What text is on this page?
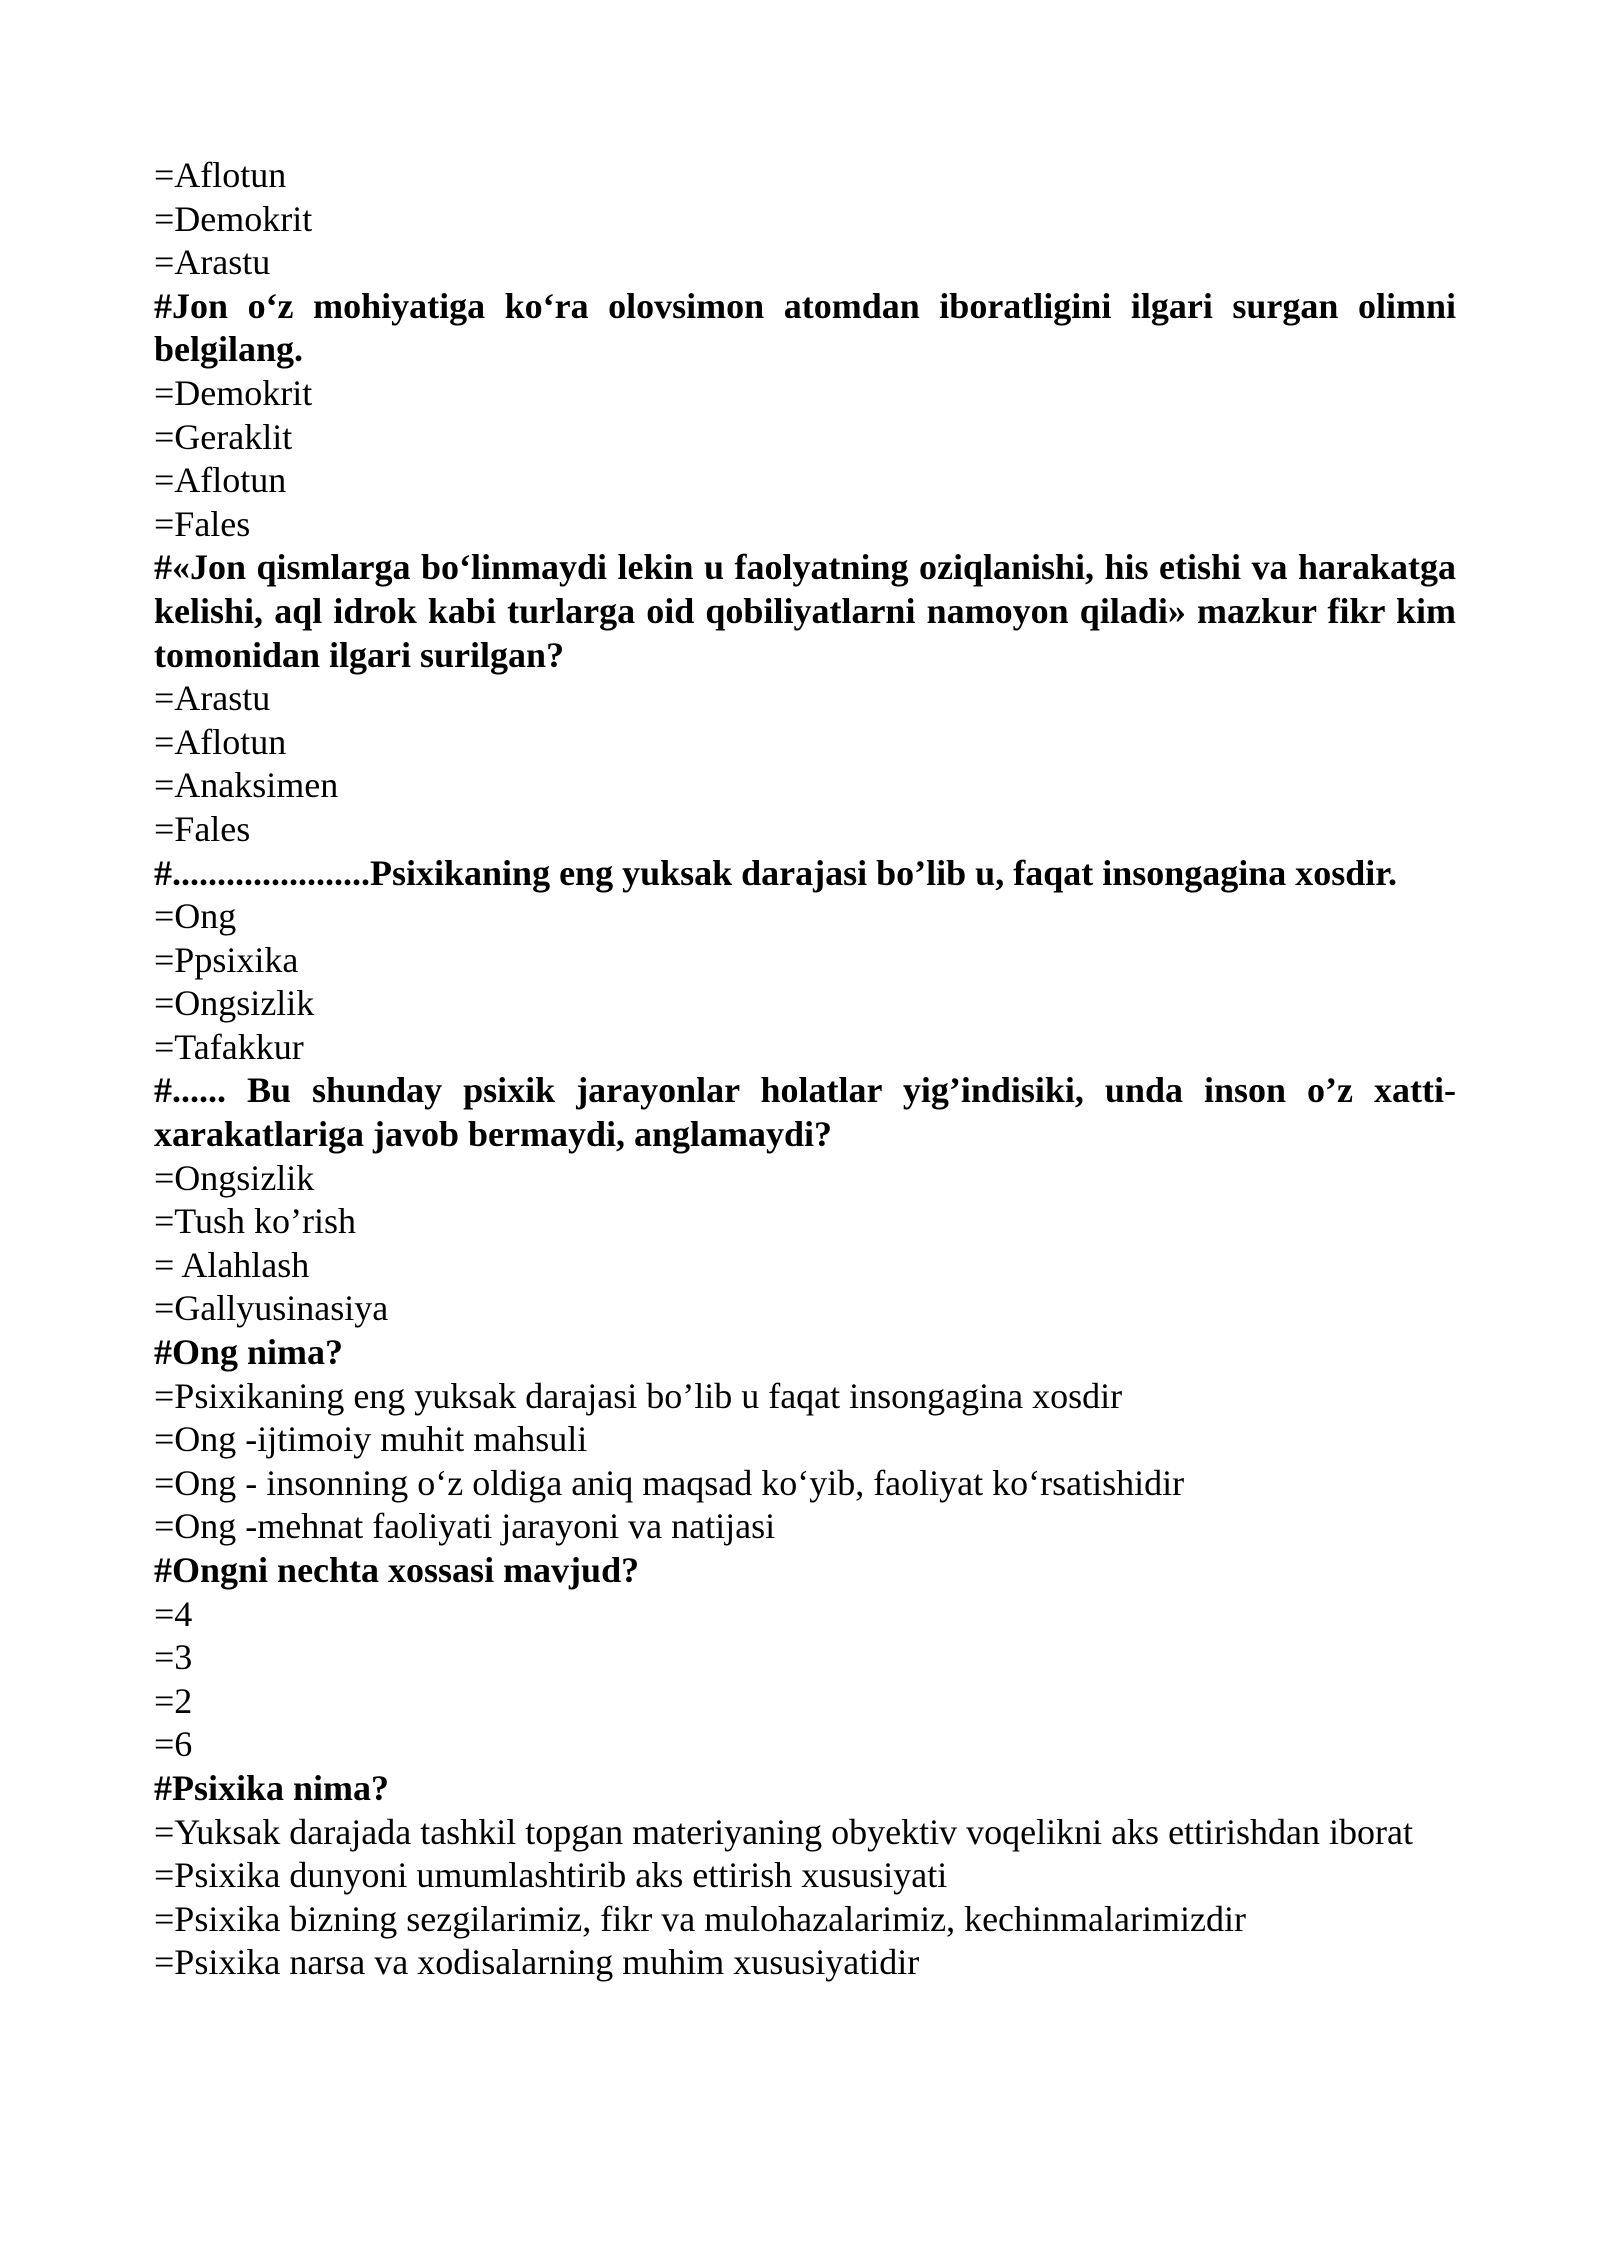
=Aflotun
=Demokrit
=Arastu
#Jon o‘z mohiyatiga ko‘ra olovsimon atomdan iboratligini ilgari surgan olimni belgilang.
=Demokrit
=Geraklit
=Aflotun
=Fales
#«Jon qismlarga bo‘linmaydi lekin u faolyatning oziqlanishi, his etishi va harakatga kelishi, aql idrok kabi turlarga oid qobiliyatlarni namoyon qiladi» mazkur fikr kim tomonidan ilgari surilgan?
=Arastu
=Aflotun
=Anaksimen
=Fales
#......................Psixikaning eng yuksak darajasi bo’lib u, faqat insongagina xosdir.
=Ong
=Ppsixika
=Ongsizlik
=Tafakkur
#...... Bu shunday psixik jarayonlar holatlar yig’indisiki, unda inson o’z xatti-xarakatlariga javob bermaydi, anglamaydi?
=Ongsizlik
=Tush ko’rish
= Alahlash
=Gallyusinasiya
#Ong nima?
=Psixikaning eng yuksak darajasi bo’lib u faqat insongagina xosdir
=Ong -ijtimoiy muhit mahsuli
=Ong - insonning o‘z oldiga aniq maqsad ko‘yib, faoliyat ko‘rsatishidir
=Ong -mehnat faoliyati jarayoni va natijasi
#Ongni nechta xossasi mavjud?
=4
=3
=2
=6
#Psixika nima?
=Yuksak darajada tashkil topgan materiyaning obyektiv voqelikni aks ettirishdan iborat
=Psixika dunyoni umumlashtirib aks ettirish xususiyati
=Psixika bizning sezgilarimiz, fikr va mulohazalarimiz, kechinmalarimizdir
=Psixika narsa va xodisalarning muhim xususiyatidir
